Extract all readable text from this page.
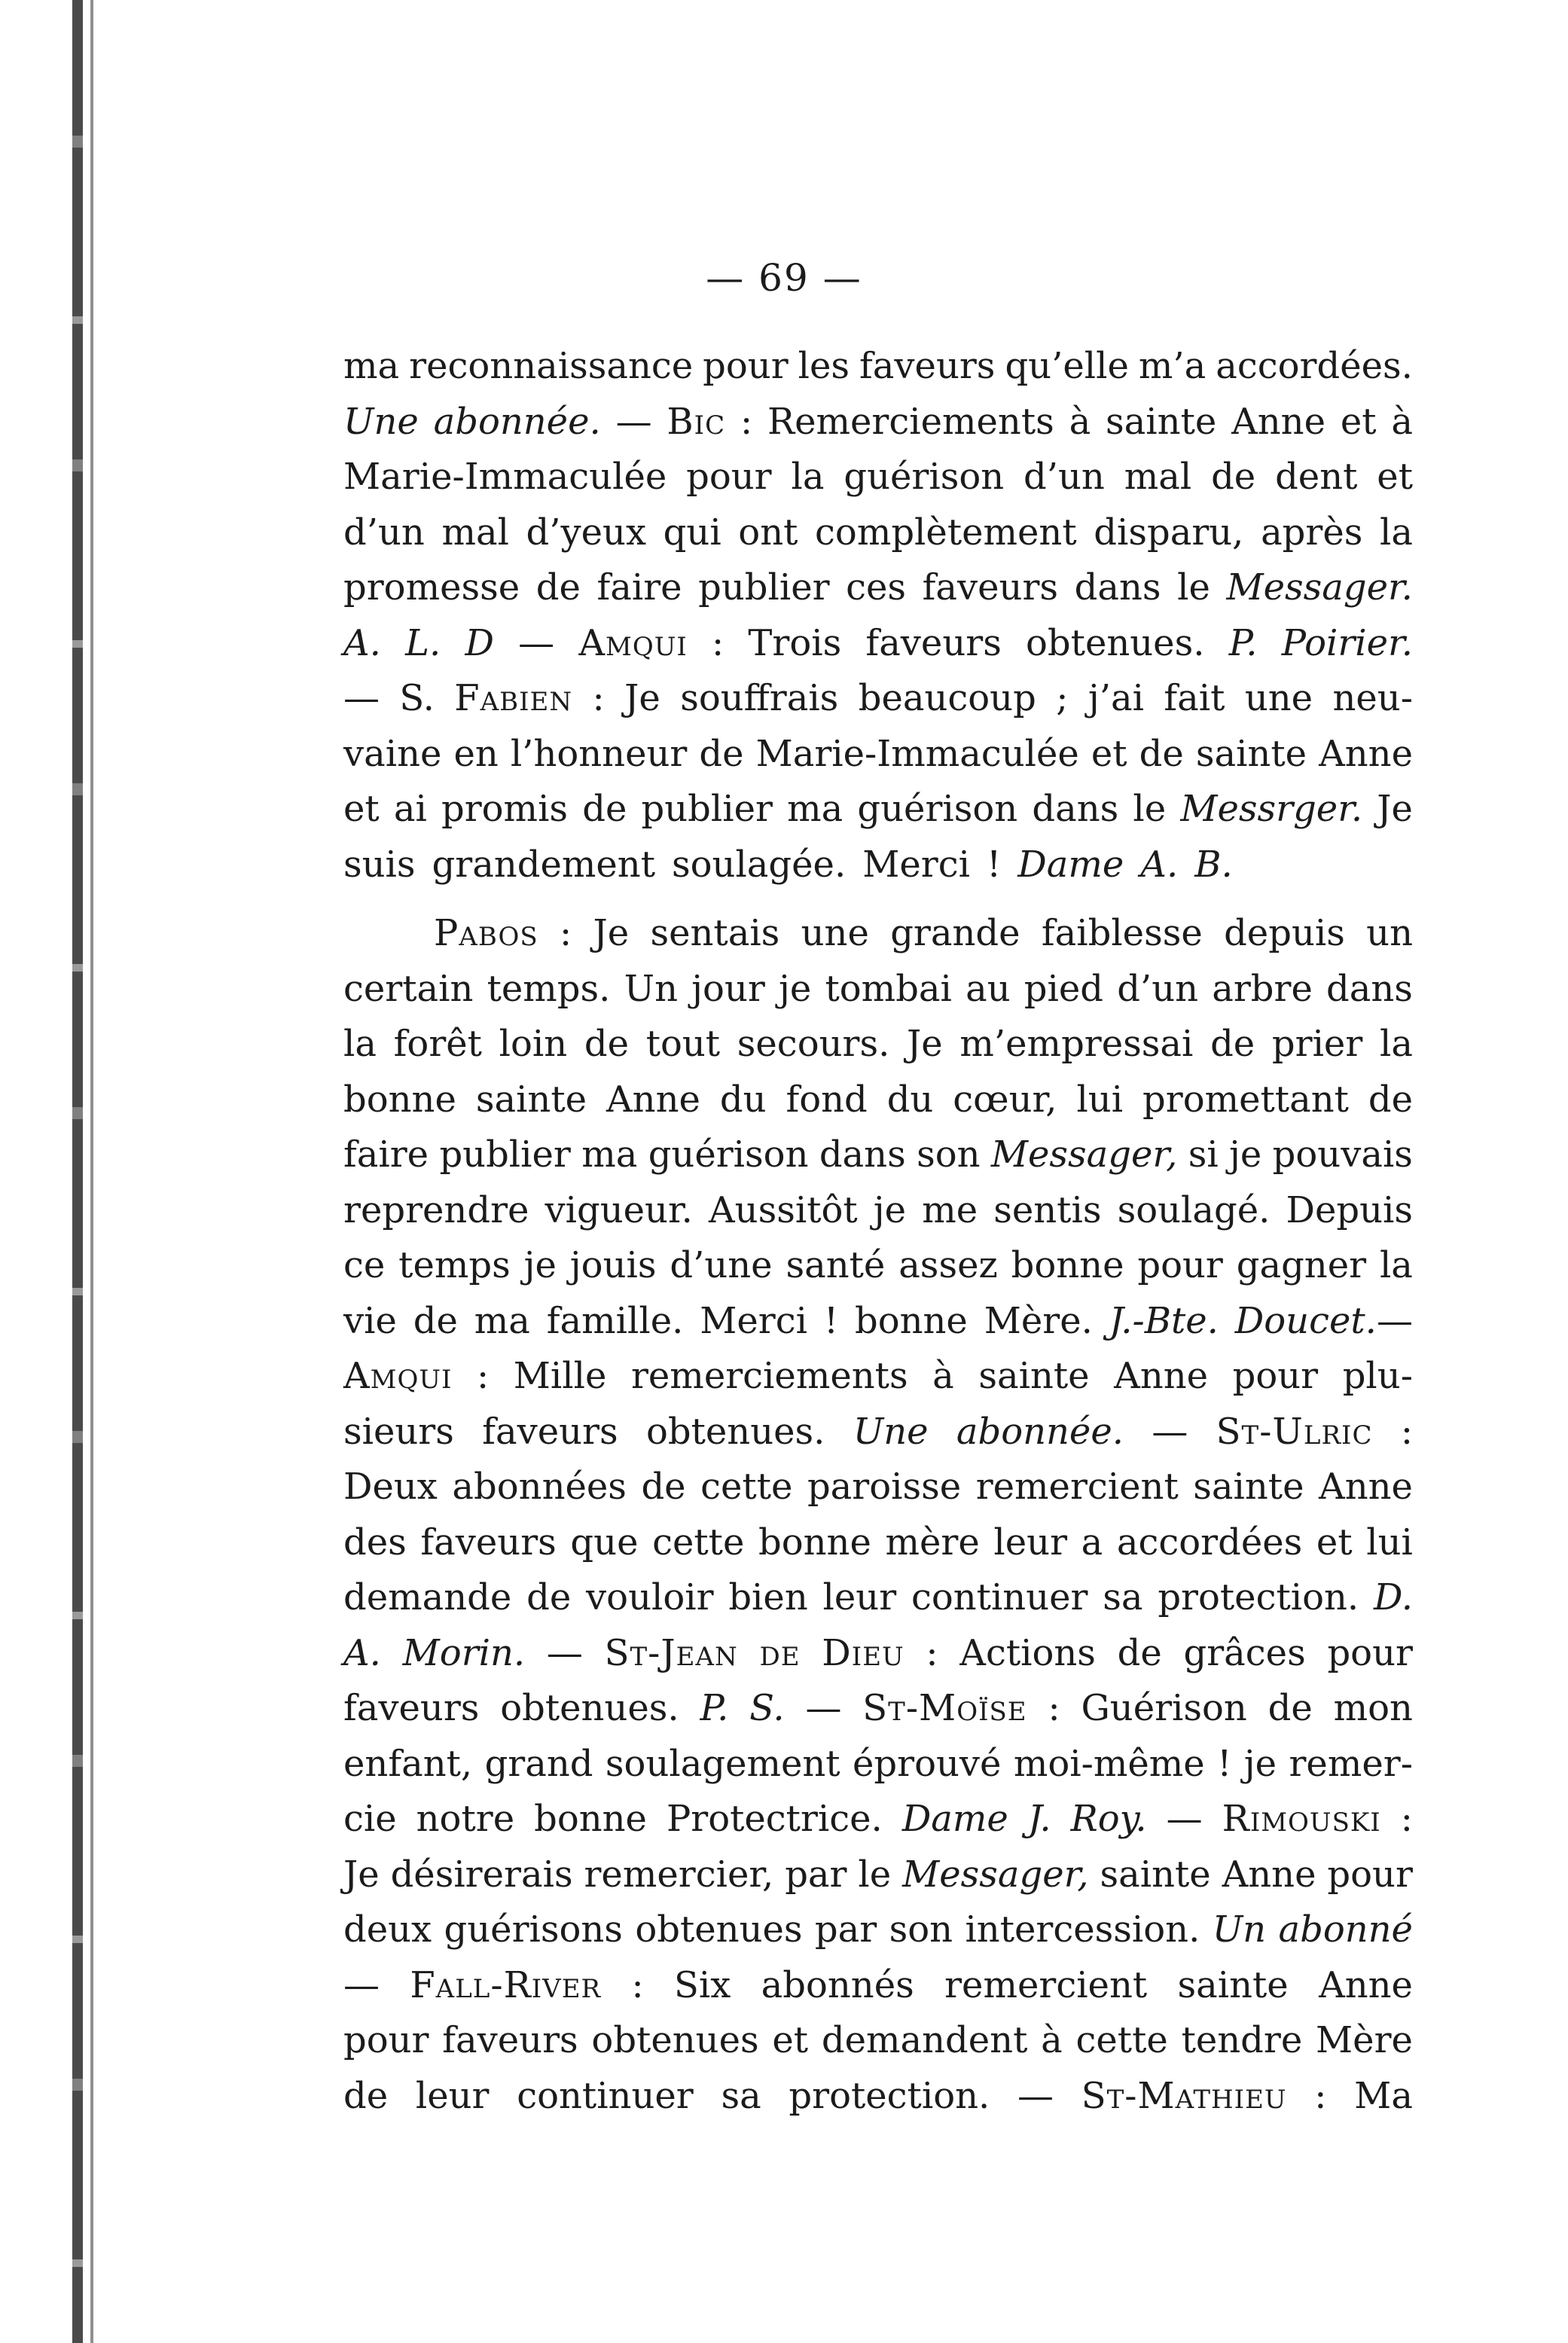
— 69 —
ma reconnaissance pour les faveurs qu’elle m’a accordées.
Une abonnée. — Bic : Remerciements à sainte Anne et à
Marie-Immaculée pour la guérison d’un mal de dent et
d’un mal d’yeux qui ont complètement disparu, après la
promesse de faire publier ces faveurs dans le Messager.
A. L. D — Amqui : Trois faveurs obtenues. P. Poirier.
— S. Fabien : Je souffrais beaucoup ; j’ai fait une neu-
vaine en l’honneur de Marie-Immaculée et de sainte Anne
et ai promis de publier ma guérison dans le Messrger. Je
suis grandement soulagée. Merci ! Dame A. B.
Pabos : Je sentais une grande faiblesse depuis un
certain temps. Un jour je tombai au pied d’un arbre dans
la forêt loin de tout secours. Je m’empressai de prier la
bonne sainte Anne du fond du cœur, lui promettant de
faire publier ma guérison dans son Messager, si je pouvais
reprendre vigueur. Aussitôt je me sentis soulagé. Depuis
ce temps je jouis d’une santé assez bonne pour gagner la
vie de ma famille. Merci ! bonne Mère. J.-Bte. Doucet.—
Amqui : Mille remerciements à sainte Anne pour plu-
sieurs faveurs obtenues. Une abonnée. — St-Ulric :
Deux abonnées de cette paroisse remercient sainte Anne
des faveurs que cette bonne mère leur a accordées et lui
demande de vouloir bien leur continuer sa protection. D.
A. Morin. — St-Jean de Dieu : Actions de grâces pour
faveurs obtenues. P. S. — St-Moïse : Guérison de mon
enfant, grand soulagement éprouvé moi-même ! je remer-
cie notre bonne Protectrice. Dame J. Roy. — Rimouski :
Je désirerais remercier, par le Messager, sainte Anne pour
deux guérisons obtenues par son intercession. Un abonné
— Fall-River : Six abonnés remercient sainte Anne
pour faveurs obtenues et demandent à cette tendre Mère
de leur continuer sa protection. — St-Mathieu : Ma
